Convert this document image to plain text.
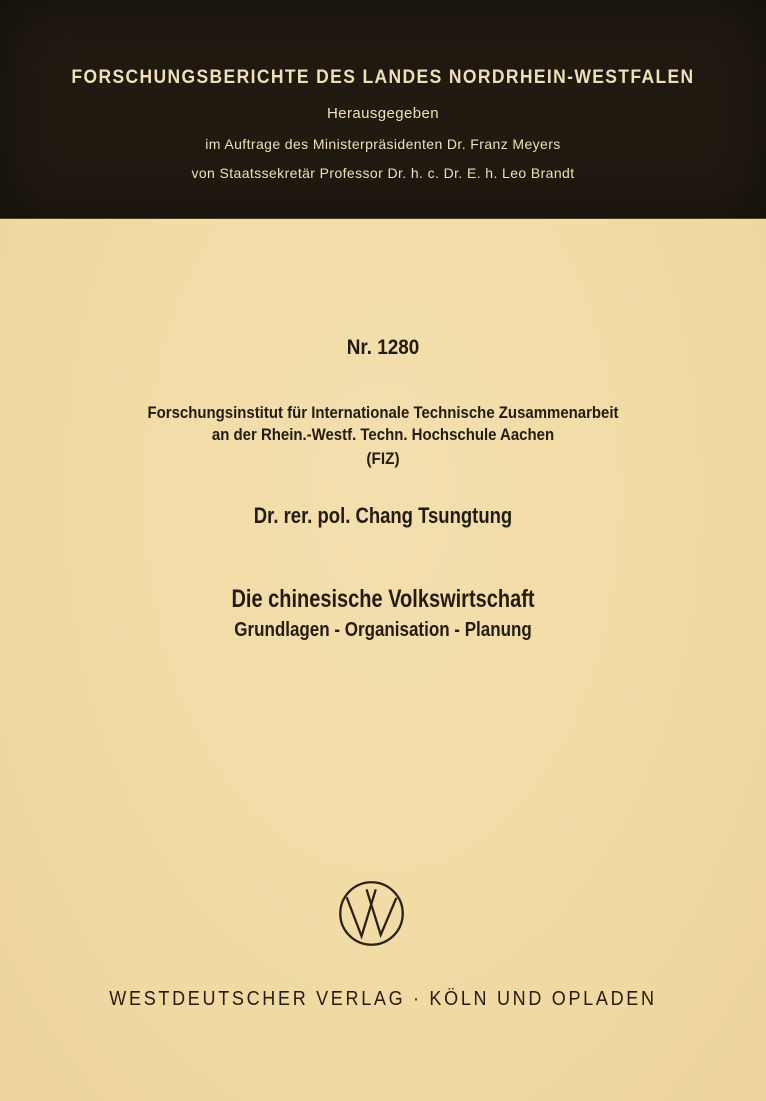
FORSCHUNGSBERICHTE DES LANDES NORDRHEIN-WESTFALEN
Herausgegeben
im Auftrage des Ministerpräsidenten Dr. Franz Meyers
von Staatssekretär Professor Dr. h. c. Dr. E. h. Leo Brandt
Nr. 1280
Forschungsinstitut für Internationale Technische Zusammenarbeit
an der Rhein.-Westf. Techn. Hochschule Aachen
(FIZ)
Dr. rer. pol. Chang Tsungtung
Die chinesische Volkswirtschaft
Grundlagen - Organisation - Planung
WESTDEUTSCHER VERLAG · KÖLN UND OPLADEN
